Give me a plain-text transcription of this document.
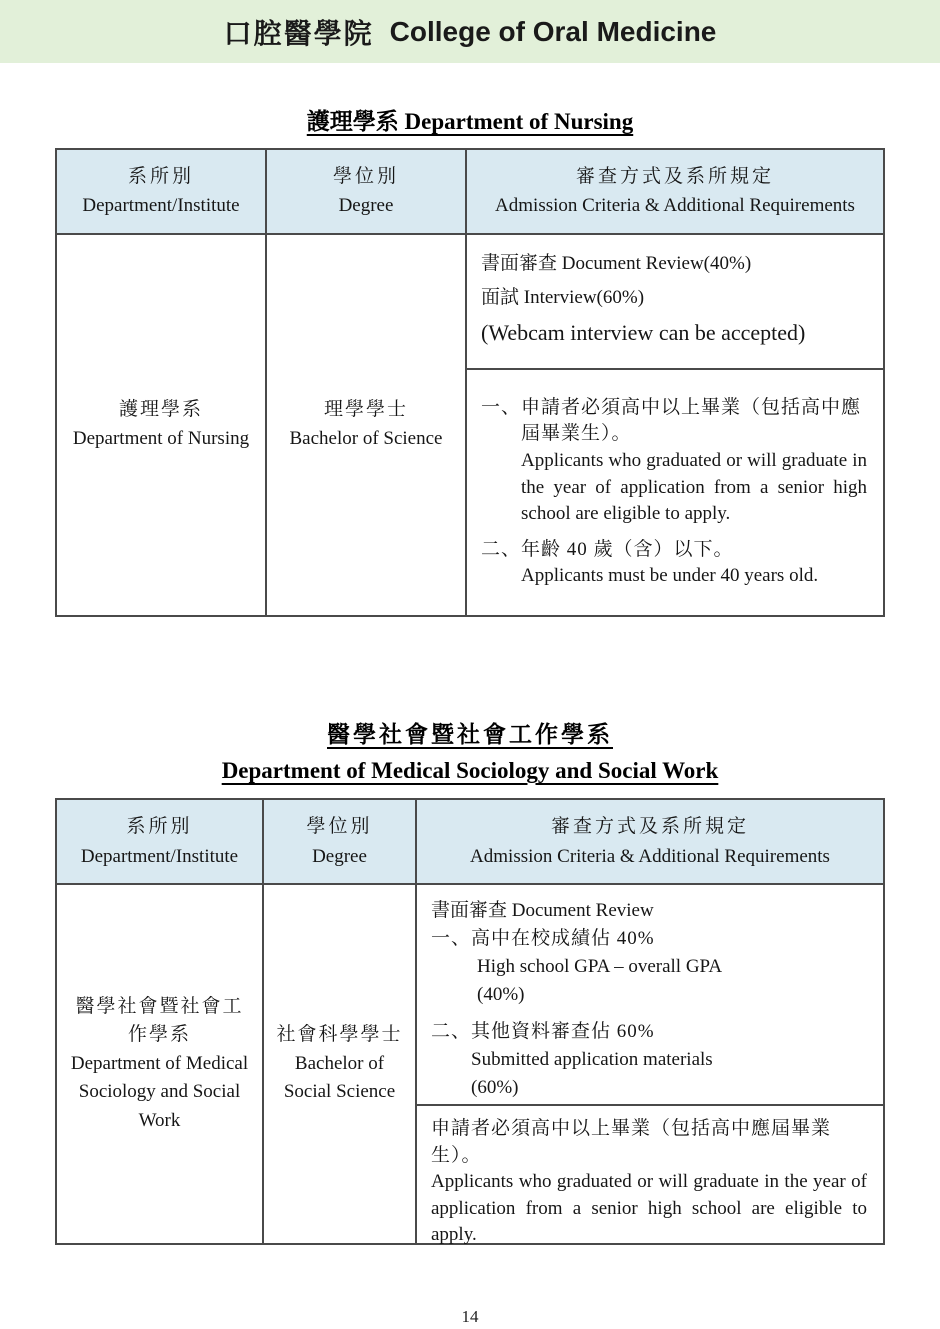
口腔醫學院 College of Oral Medicine
護理學系 Department of Nursing
系所別
Department/Institute
學位別
Degree
審查方式及系所規定
Admission Criteria & Additional Requirements
護理學系
Department of Nursing
理學學士
Bachelor of Science
書面審查 Document Review(40%)
面試 Interview(60%)
(Webcam interview can be accepted)
一、 申請者必須高中以上畢業（包括高中應屆畢業生）。
Applicants who graduated or will graduate in the year of application from a senior high school are eligible to apply.
二、 年齡 40 歲（含）以下。
Applicants must be under 40 years old.
醫學社會暨社會工作學系
Department of Medical Sociology and Social Work
系所別
Department/Institute
學位別
Degree
審查方式及系所規定
Admission Criteria & Additional Requirements
醫學社會暨社會工作學系
Department of Medical Sociology and Social Work
社會科學學士
Bachelor of Social Science
書面審查 Document Review
一、 高中在校成績佔 40%
High school GPA – overall GPA
(40%)
二、 其他資料審查佔 60%
Submitted application materials
(60%)
申請者必須高中以上畢業（包括高中應屆畢業生）。
Applicants who graduated or will graduate in the year of application from a senior high school are eligible to apply.
14
